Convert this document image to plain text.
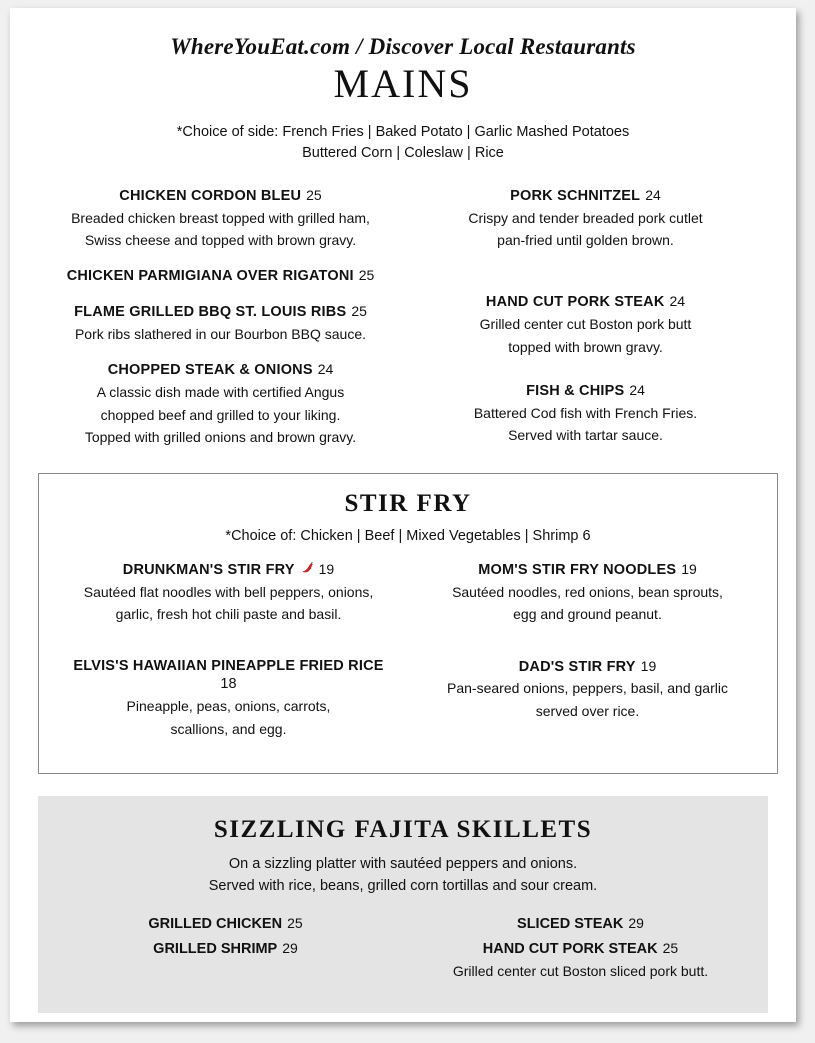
WhereYouEat.com / Discover Local Restaurants
MAINS
*Choice of side: French Fries | Baked Potato | Garlic Mashed Potatoes
Buttered Corn | Coleslaw | Rice
CHICKEN CORDON BLEU 25
Breaded chicken breast topped with grilled ham,
Swiss cheese and topped with brown gravy.
CHICKEN PARMIGIANA OVER RIGATONI 25
FLAME GRILLED BBQ ST. LOUIS RIBS 25
Pork ribs slathered in our Bourbon BBQ sauce.
CHOPPED STEAK & ONIONS 24
A classic dish made with certified Angus
chopped beef and grilled to your liking.
Topped with grilled onions and brown gravy.
PORK SCHNITZEL 24
Crispy and tender breaded pork cutlet
pan-fried until golden brown.
HAND CUT PORK STEAK 24
Grilled center cut Boston pork butt
topped with brown gravy.
FISH & CHIPS 24
Battered Cod fish with French Fries.
Served with tartar sauce.
STIR FRY
*Choice of: Chicken | Beef | Mixed Vegetables | Shrimp 6
DRUNKMAN'S STIR FRY 19
Sautéed flat noodles with bell peppers, onions,
garlic, fresh hot chili paste and basil.
ELVIS'S HAWAIIAN PINEAPPLE FRIED RICE
18
Pineapple, peas, onions, carrots,
scallions, and egg.
MOM'S STIR FRY NOODLES 19
Sautéed noodles, red onions, bean sprouts,
egg and ground peanut.
DAD'S STIR FRY 19
Pan-seared onions, peppers, basil, and garlic
served over rice.
SIZZLING FAJITA SKILLETS
On a sizzling platter with sautéed peppers and onions.
Served with rice, beans, grilled corn tortillas and sour cream.
GRILLED CHICKEN 25
GRILLED SHRIMP 29
SLICED STEAK 29
HAND CUT PORK STEAK 25
Grilled center cut Boston sliced pork butt.
